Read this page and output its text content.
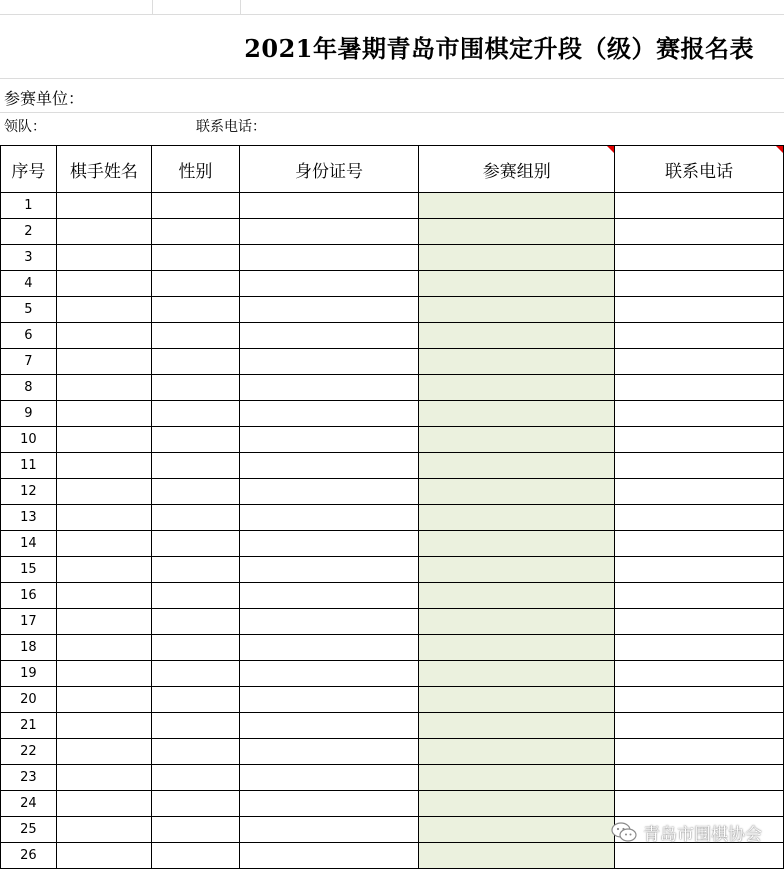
2021年暑期青岛市围棋定升段（级）赛报名表
参赛单位：
领队：	联系电话：
序号	棋手姓名	性别	身份证号	参赛组别	联系电话

1					
2					
3					
4					
5					
6					
7					
8					
9					
10					
11					
12					
13					
14					
15					
16					
17					
18					
19					
20					
21					
22					
23					
24					
25					
26					
青岛市围棋协会
